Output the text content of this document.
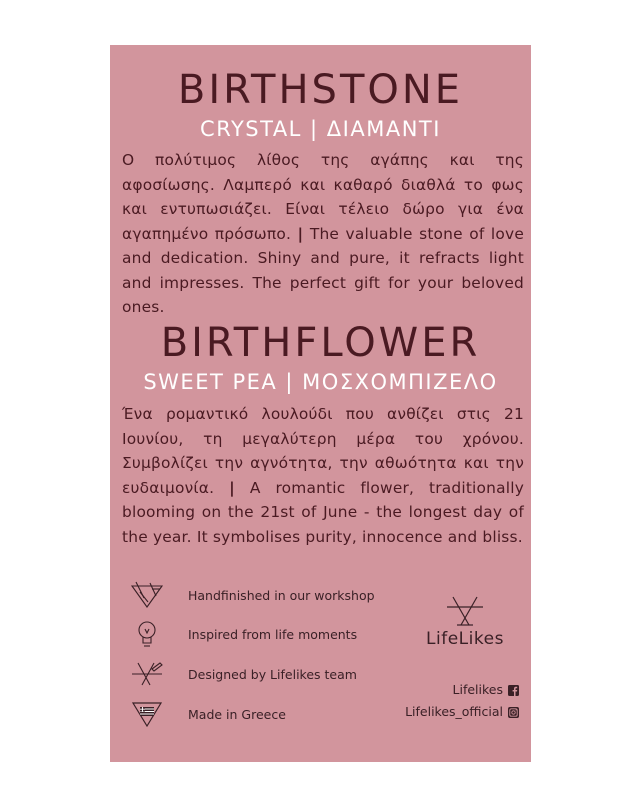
BIRTHSTONE
CRYSTAL | ΔΙΑΜΑΝΤΙ
Ο πολύτιμος λίθος της αγάπης και της αφοσίωσης. Λαμπερό και καθαρό διαθλά το φως και εντυπωσιάζει. Είναι τέλειο δώρο για ένα αγαπημένο πρόσωπο. | The valuable stone of love and dedication. Shiny and pure, it refracts light and impresses. The perfect gift for your beloved ones.
BIRTHFLOWER
SWEET PEA | ΜΟΣΧΟΜΠΙΖΕΛΟ
Ένα ρομαντικό λουλούδι που ανθίζει στις 21 Ιουνίου, τη μεγαλύτερη μέρα του χρόνου. Συμβολίζει την αγνότητα, την αθωότητα και την ευδαιμονία. | A romantic flower, traditionally blooming on the 21st of June - the longest day of the year. It symbolises purity, innocence and bliss.
Handfinished in our workshop
Inspired from life moments
Designed by Lifelikes team
Made in Greece
LifeLikes
Lifelikes
Lifelikes_official
